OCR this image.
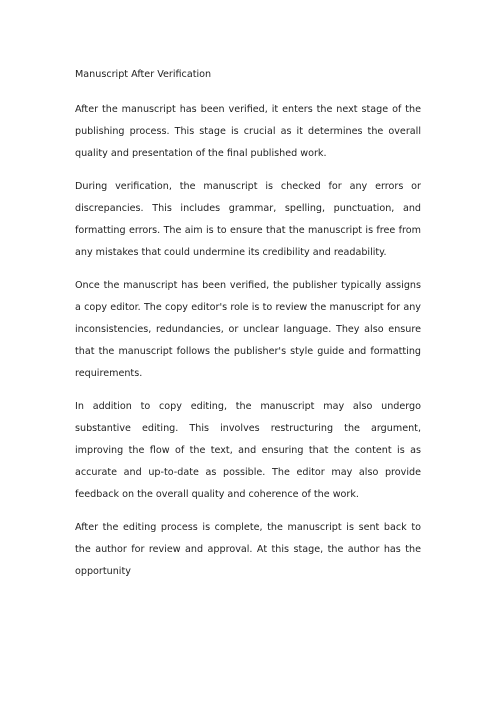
Manuscript After Verification

After the manuscript has been verified, it enters the next stage of the publishing process. This stage is crucial as it determines the overall quality and presentation of the final published work.

During verification, the manuscript is checked for any errors or discrepancies. This includes grammar, spelling, punctuation, and formatting errors. The aim is to ensure that the manuscript is free from any mistakes that could undermine its credibility and readability.

Once the manuscript has been verified, the publisher typically assigns a copy editor. The copy editor's role is to review the manuscript for any inconsistencies, redundancies, or unclear language. They also ensure that the manuscript follows the publisher's style guide and formatting requirements.

In addition to copy editing, the manuscript may also undergo substantive editing. This involves restructuring the argument, improving the flow of the text, and ensuring that the content is as accurate and up-to-date as possible. The editor may also provide feedback on the overall quality and coherence of the work.

After the editing process is complete, the manuscript is sent back to the author for review and approval. At this stage, the author has the opportunity
